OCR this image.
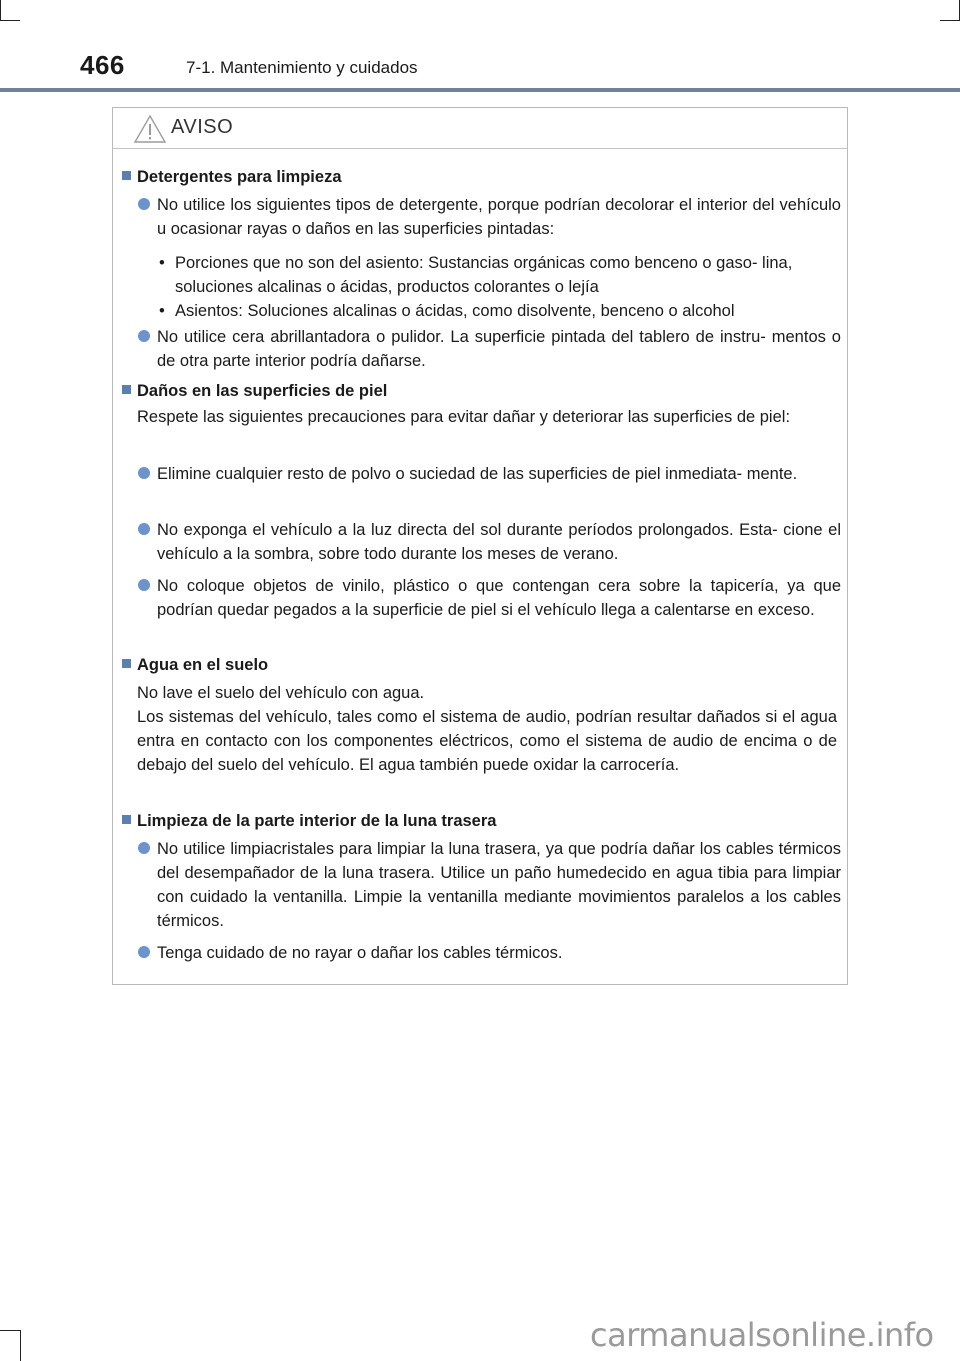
466	7-1. Mantenimiento y cuidados
AVISO
Detergentes para limpieza
No utilice los siguientes tipos de detergente, porque podrían decolorar el interior del vehículo u ocasionar rayas o daños en las superficies pintadas:
• Porciones que no son del asiento: Sustancias orgánicas como benceno o gaso- lina, soluciones alcalinas o ácidas, productos colorantes o lejía
• Asientos: Soluciones alcalinas o ácidas, como disolvente, benceno o alcohol
No utilice cera abrillantadora o pulidor. La superficie pintada del tablero de instru- mentos o de otra parte interior podría dañarse.
Daños en las superficies de piel
Respete las siguientes precauciones para evitar dañar y deteriorar las superficies de piel:
Elimine cualquier resto de polvo o suciedad de las superficies de piel inmediata- mente.
No exponga el vehículo a la luz directa del sol durante períodos prolongados. Esta- cione el vehículo a la sombra, sobre todo durante los meses de verano.
No coloque objetos de vinilo, plástico o que contengan cera sobre la tapicería, ya que podrían quedar pegados a la superficie de piel si el vehículo llega a calentarse en exceso.
Agua en el suelo
No lave el suelo del vehículo con agua.
Los sistemas del vehículo, tales como el sistema de audio, podrían resultar dañados si el agua entra en contacto con los componentes eléctricos, como el sistema de audio de encima o de debajo del suelo del vehículo. El agua también puede oxidar la carrocería.
Limpieza de la parte interior de la luna trasera
No utilice limpiacristales para limpiar la luna trasera, ya que podría dañar los cables térmicos del desempañador de la luna trasera. Utilice un paño humedecido en agua tibia para limpiar con cuidado la ventanilla. Limpie la ventanilla mediante movimientos paralelos a los cables térmicos.
Tenga cuidado de no rayar o dañar los cables térmicos.
carmanualsonline.info
